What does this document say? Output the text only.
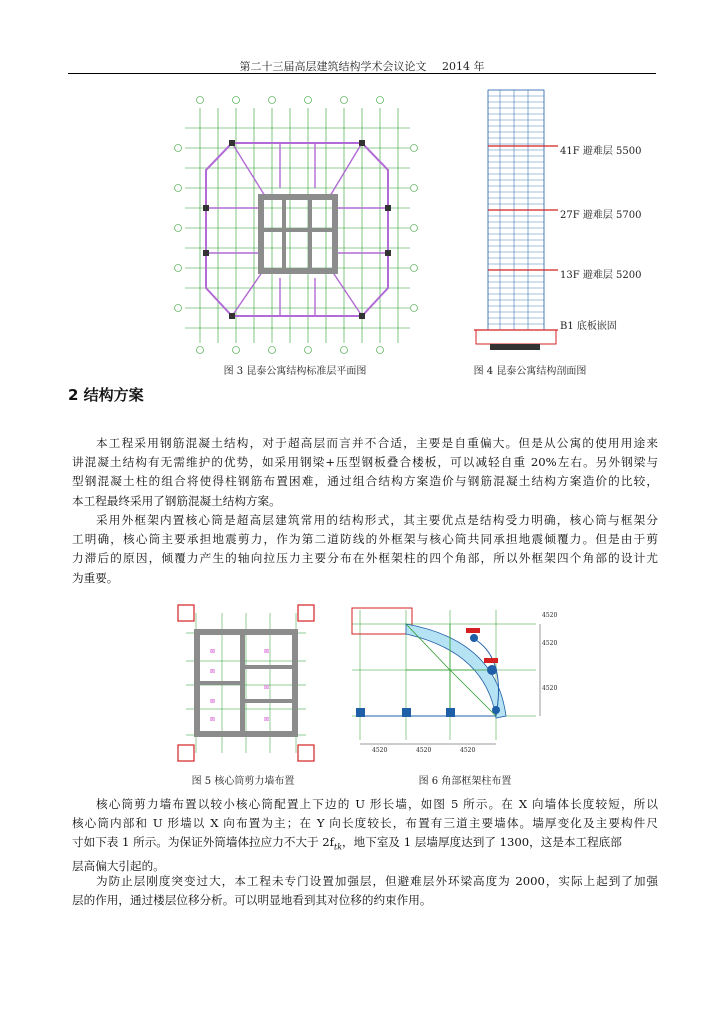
第二十三届高层建筑结构学术会议论文 2014 年
图 3 昆泰公寓结构标准层平面图
41F 避难层 5500
27F 避难层 5700
13F 避难层 5200
B1 底板嵌固
图 4 昆泰公寓结构剖面图
2 结构方案
本工程采用钢筋混凝土结构，对于超高层而言并不合适，主要是自重偏大。但是从公寓的使用用途来
讲混凝土结构有无需维护的优势，如采用钢梁+压型钢板叠合楼板，可以减轻自重 20%左右。另外钢梁与
型钢混凝土柱的组合将使得柱钢筋布置困难，通过组合结构方案造价与钢筋混凝土结构方案造价的比较，
本工程最终采用了钢筋混凝土结构方案。
采用外框架内置核心筒是超高层建筑常用的结构形式，其主要优点是结构受力明确，核心筒与框架分
工明确，核心筒主要承担地震剪力，作为第二道防线的外框架与核心筒共同承担地震倾覆力。但是由于剪
力滞后的原因，倾覆力产生的轴向拉压力主要分布在外框架柱的四个角部，所以外框架四个角部的设计尤
为重要。
⊠
⊠
⊠
⊠
⊠
⊠
⊠
图 5 核心筒剪力墙布置
4520	4520	4520
4520
4520
4520
图 6 角部框架柱布置
核心筒剪力墙布置以较小核心筒配置上下边的 U 形长墙，如图 5 所示。在 X 向墙体长度较短，所以
核心筒内部和 U 形墙以 X 向布置为主；在 Y 向长度较长，布置有三道主要墙体。墙厚变化及主要构件尺
寸如下表 1 所示。为保证外筒墙体拉应力不大于 $2f_{tk}$，地下室及 1 层墙厚度达到了 1300，这是本工程底部
层高偏大引起的。
为防止层刚度突变过大，本工程未专门设置加强层，但避难层外环梁高度为 2000，实际上起到了加强
层的作用，通过楼层位移分析。可以明显地看到其对位移的约束作用。
